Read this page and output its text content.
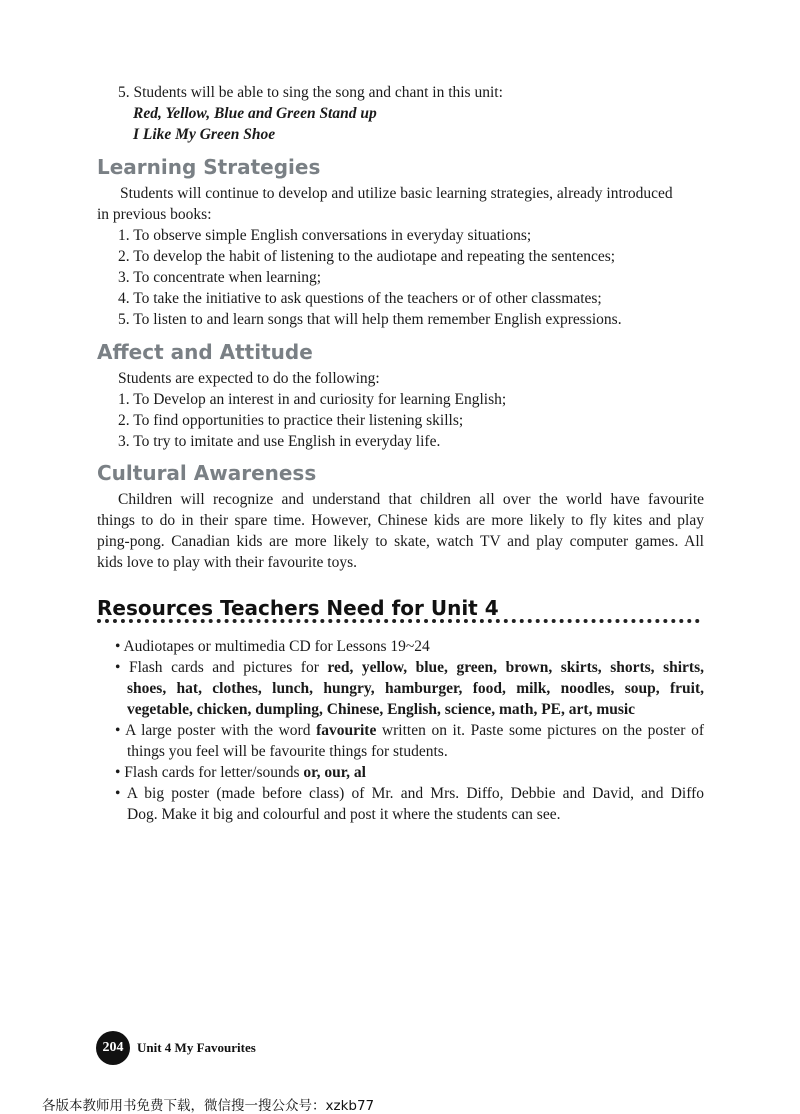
5. Students will be able to sing the song and chant in this unit:
Red, Yellow, Blue and Green Stand up
I Like My Green Shoe
Learning Strategies
Students will continue to develop and utilize basic learning strategies, already introduced
in previous books:
1. To observe simple English conversations in everyday situations;
2. To develop the habit of listening to the audiotape and repeating the sentences;
3. To concentrate when learning;
4. To take the initiative to ask questions of the teachers or of other classmates;
5. To listen to and learn songs that will help them remember English expressions.
Affect and Attitude
Students are expected to do the following:
1. To Develop an interest in and curiosity for learning English;
2. To find opportunities to practice their listening skills;
3. To try to imitate and use English in everyday life.
Cultural Awareness
Children will recognize and understand that children all over the world have favourite
things to do in their spare time. However, Chinese kids are more likely to fly kites and play
ping-pong. Canadian kids are more likely to skate, watch TV and play computer games. All
kids love to play with their favourite toys.
Resources Teachers Need for Unit 4
• Audiotapes or multimedia CD for Lessons 19~24
• Flash cards and pictures for red, yellow, blue, green, brown, skirts, shorts, shirts,
shoes, hat, clothes, lunch, hungry, hamburger, food, milk, noodles, soup, fruit,
vegetable, chicken, dumpling, Chinese, English, science, math, PE, art, music
• A large poster with the word favourite written on it. Paste some pictures on the poster of
things you feel will be favourite things for students.
• Flash cards for letter/sounds or, our, al
• A big poster (made before class) of Mr. and Mrs. Diffo, Debbie and David, and Diffo
Dog. Make it big and colourful and post it where the students can see.
204	Unit 4 My Favourites
各版本教师用书免费下载，微信搜一搜公众号：xzkb77
